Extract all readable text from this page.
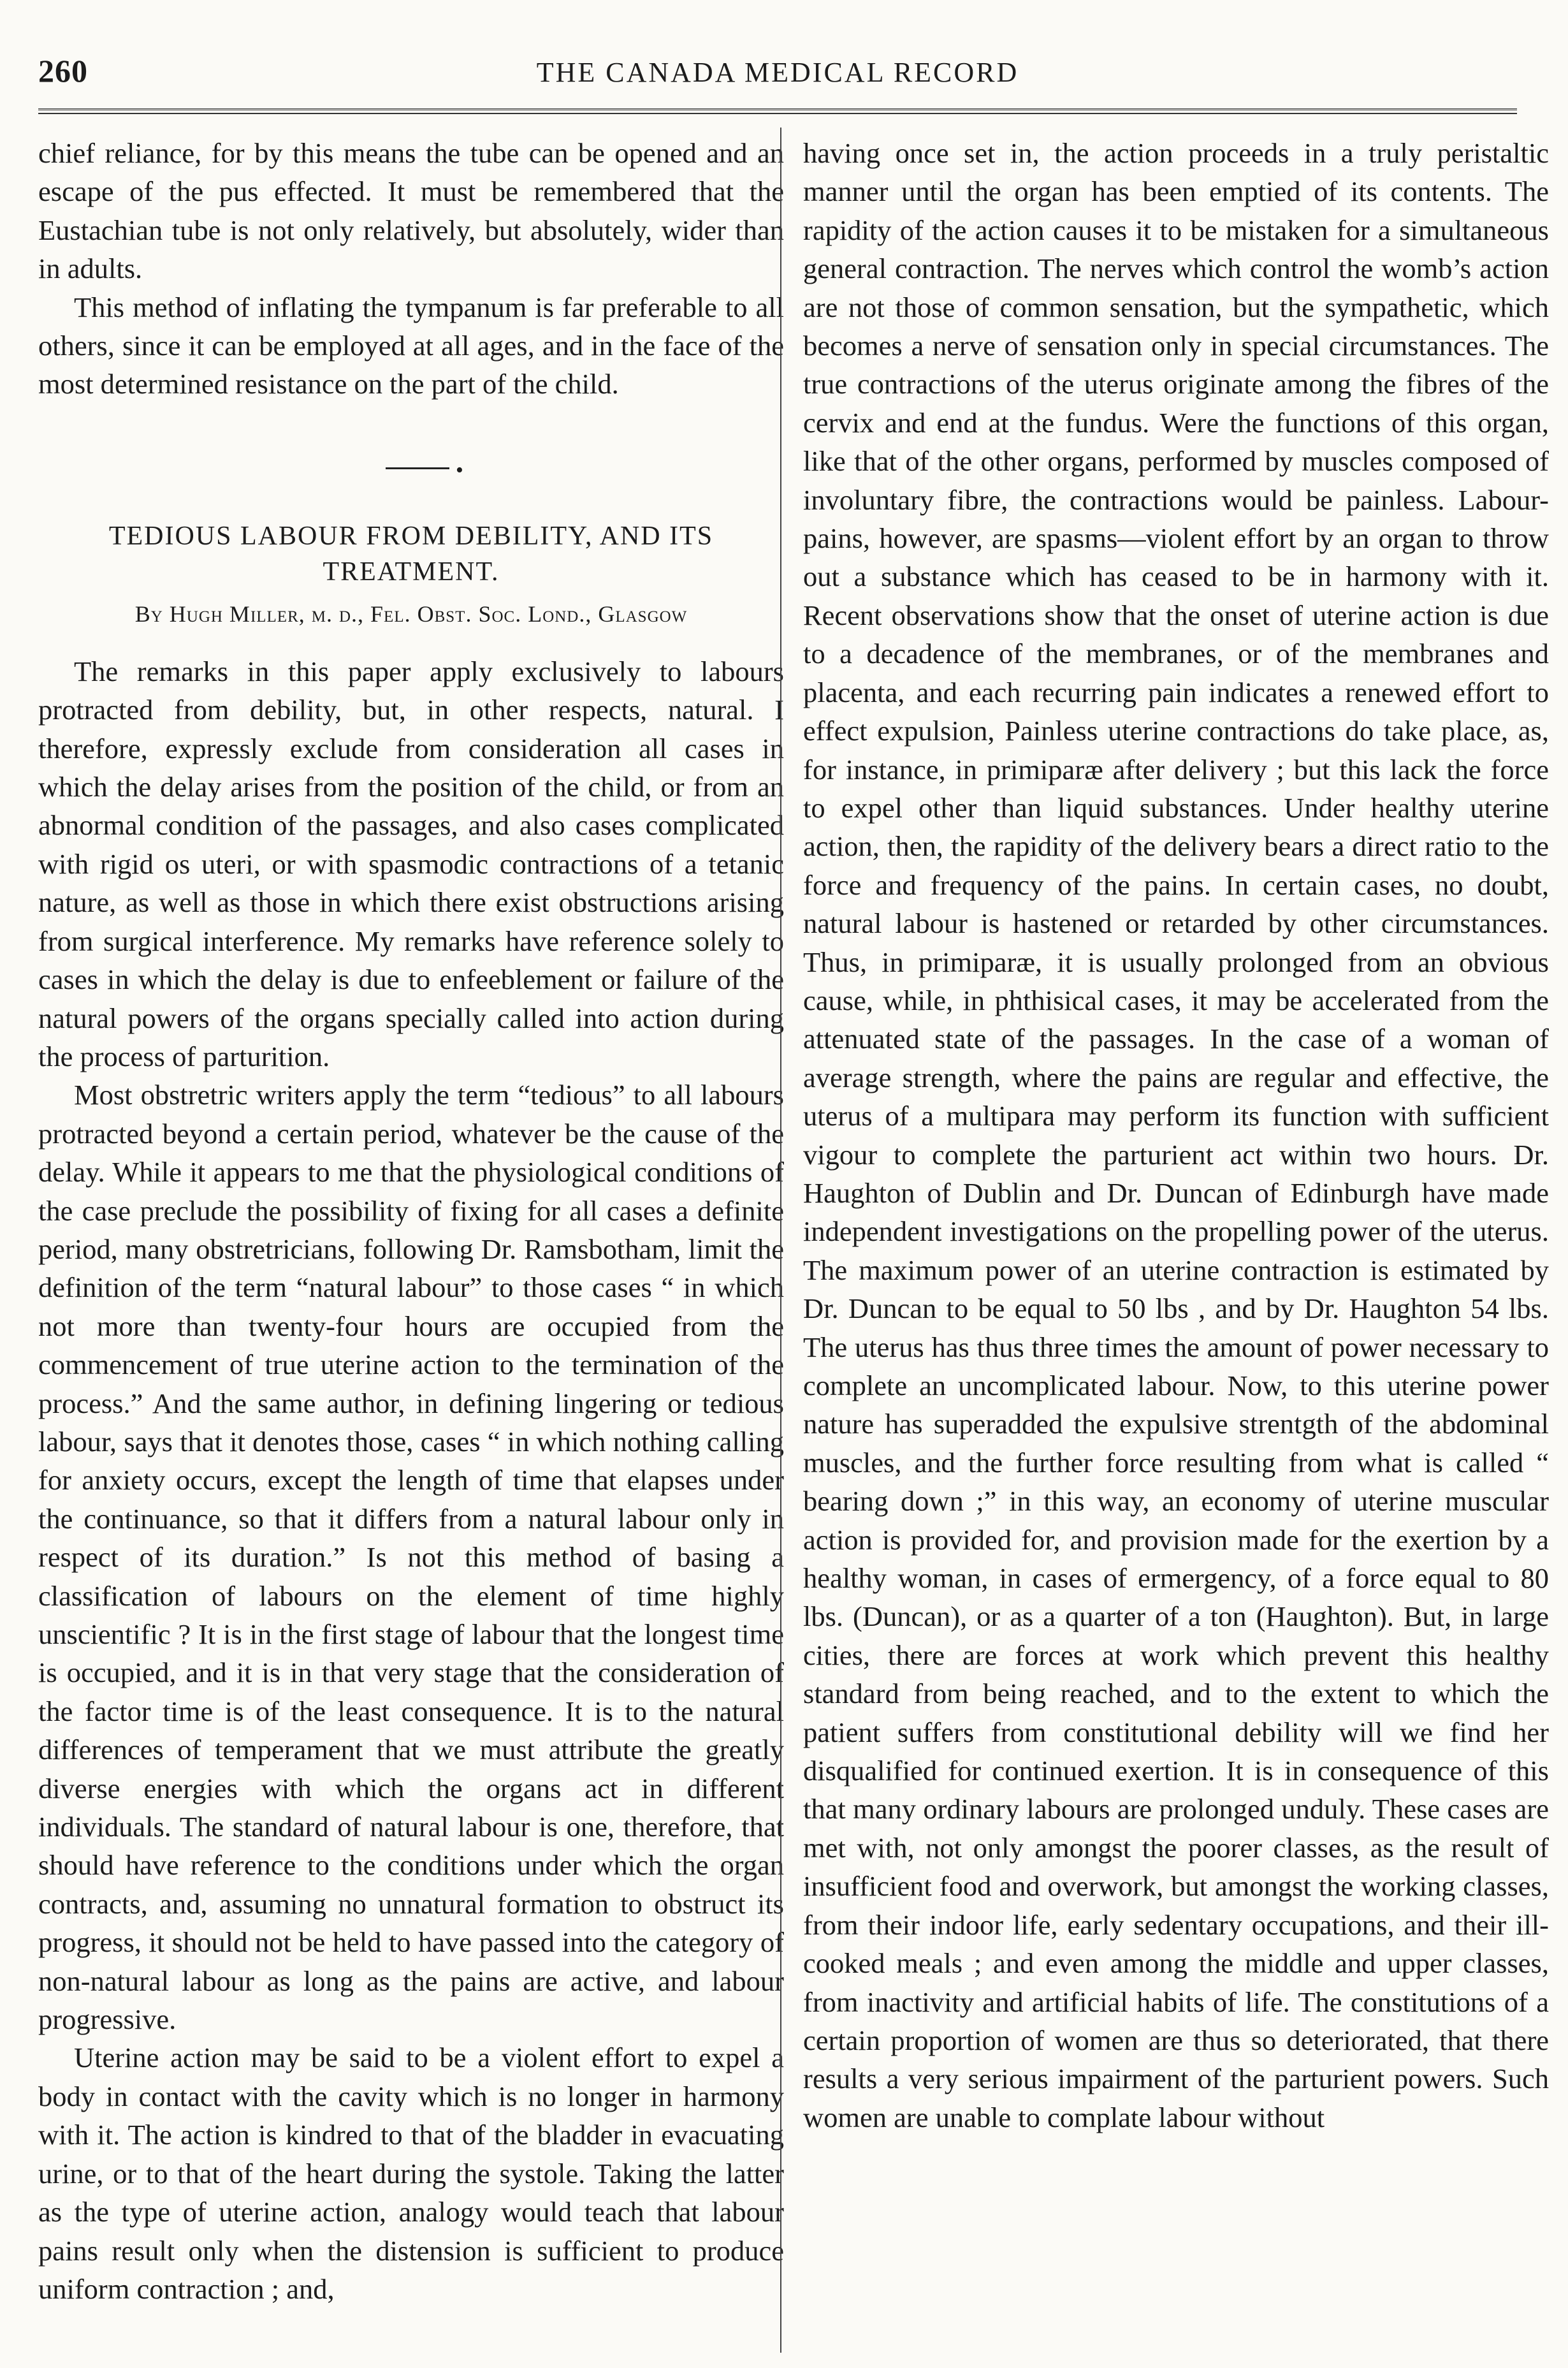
260	THE CANADA MEDICAL RECORD

chief reliance, for by this means the tube can be opened and an escape of the pus effected. It must be remembered that the Eustachian tube is not only relatively, but absolutely, wider than in adults.

This method of inflating the tympanum is far preferable to all others, since it can be employed at all ages, and in the face of the most determined resistance on the part of the child.

•
TEDIOUS LABOUR FROM DEBILITY, AND ITS TREATMENT.
By Hugh Miller, m. d., Fel. Obst. Soc. Lond., Glasgow

The remarks in this paper apply exclusively to labours protracted from debility, but, in other respects, natural. I therefore, expressly exclude from consideration all cases in which the delay arises from the position of the child, or from an abnormal condition of the passages, and also cases complicated with rigid os uteri, or with spasmodic contractions of a tetanic nature, as well as those in which there exist obstructions arising from surgical interference. My remarks have reference solely to cases in which the delay is due to enfeeblement or failure of the natural powers of the organs specially called into action during the process of parturition.

Most obstretric writers apply the term “tedious” to all labours protracted beyond a certain period, whatever be the cause of the delay. While it appears to me that the physiological conditions of the case preclude the possibility of fixing for all cases a definite period, many obstretricians, following Dr. Ramsbotham, limit the definition of the term “natural labour” to those cases “ in which not more than twenty-four hours are occupied from the commencement of true uterine action to the termination of the process.” And the same author, in defining lingering or tedious labour, says that it denotes those, cases “ in which nothing calling for anxiety occurs, except the length of time that elapses under the continuance, so that it differs from a natural labour only in respect of its duration.” Is not this method of basing a classification of labours on the element of time highly unscientific ? It is in the first stage of labour that the longest time is occupied, and it is in that very stage that the consideration of the factor time is of the least consequence. It is to the natural differences of temperament that we must attribute the greatly diverse energies with which the organs act in different individuals. The standard of natural labour is one, therefore, that should have reference to the conditions under which the organ contracts, and, assuming no unnatural formation to obstruct its progress, it should not be held to have passed into the category of non-natural labour as long as the pains are active, and labour progressive.

Uterine action may be said to be a violent effort to expel a body in contact with the cavity which is no longer in harmony with it. The action is kindred to that of the bladder in evacuating urine, or to that of the heart during the systole. Taking the latter as the type of uterine action, analogy would teach that labour pains result only when the distension is sufficient to produce uniform contraction ; and,

having once set in, the action proceeds in a truly peristaltic manner until the organ has been emptied of its contents. The rapidity of the action causes it to be mistaken for a simultaneous general contraction. The nerves which control the womb’s action are not those of common sensation, but the sympathetic, which becomes a nerve of sensation only in special circumstances. The true contractions of the uterus originate among the fibres of the cervix and end at the fundus. Were the functions of this organ, like that of the other organs, performed by muscles composed of involuntary fibre, the contractions would be painless. Labour-pains, however, are spasms—violent effort by an organ to throw out a substance which has ceased to be in harmony with it. Recent observations show that the onset of uterine action is due to a decadence of the membranes, or of the membranes and placenta, and each recurring pain indicates a renewed effort to effect expulsion, Painless uterine contractions do take place, as, for instance, in primiparæ after delivery ; but this lack the force to expel other than liquid substances. Under healthy uterine action, then, the rapidity of the delivery bears a direct ratio to the force and frequency of the pains. In certain cases, no doubt, natural labour is hastened or retarded by other circumstances. Thus, in primiparæ, it is usually prolonged from an obvious cause, while, in phthisical cases, it may be accelerated from the attenuated state of the passages. In the case of a woman of average strength, where the pains are regular and effective, the uterus of a multipara may perform its function with sufficient vigour to complete the parturient act within two hours. Dr. Haughton of Dublin and Dr. Duncan of Edinburgh have made independent investigations on the propelling power of the uterus. The maximum power of an uterine contraction is estimated by Dr. Duncan to be equal to 50 lbs , and by Dr. Haughton 54 lbs. The uterus has thus three times the amount of power necessary to complete an uncomplicated labour. Now, to this uterine power nature has superadded the expulsive strentgth of the abdominal muscles, and the further force resulting from what is called “ bearing down ;” in this way, an economy of uterine muscular action is provided for, and provision made for the exertion by a healthy woman, in cases of ermergency, of a force equal to 80 lbs. (Duncan), or as a quarter of a ton (Haughton). But, in large cities, there are forces at work which prevent this healthy standard from being reached, and to the extent to which the patient suffers from constitutional debility will we find her disqualified for continued exertion. It is in consequence of this that many ordinary labours are prolonged unduly. These cases are met with, not only amongst the poorer classes, as the result of insufficient food and overwork, but amongst the working classes, from their indoor life, early sedentary occupations, and their ill-cooked meals ; and even among the middle and upper classes, from inactivity and artificial habits of life. The constitutions of a certain proportion of women are thus so deteriorated, that there results a very serious impairment of the parturient powers. Such women are unable to complate labour without
